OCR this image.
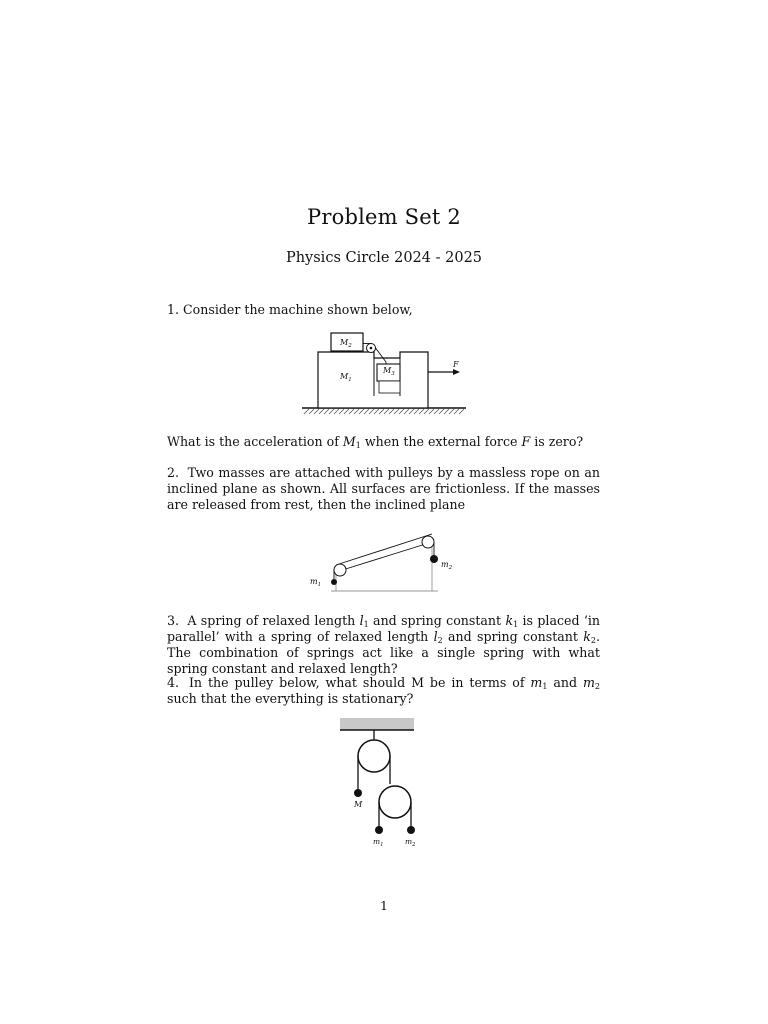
Problem Set 2
Physics Circle 2024 - 2025
1. Consider the machine shown below,
$M_2$
$M_1$
$M_3$
F
What is the acceleration of $M_1$ when the external force F is zero?
2. Two masses are attached with pulleys by a massless rope on an inclined plane as shown. All surfaces are frictionless. If the masses are released from rest, then the inclined plane
$m_1$
$m_2$
3. A spring of relaxed length $l_1$ and spring constant $k_1$ is placed ‘in parallel’ with a spring of relaxed length $l_2$ and spring constant $k_2$. The combination of springs act like a single spring with what spring constant and relaxed length?
4. In the pulley below, what should M be in terms of $m_1$ and $m_2$ such that the everything is stationary?
M
$m_1$	$m_2$
1
